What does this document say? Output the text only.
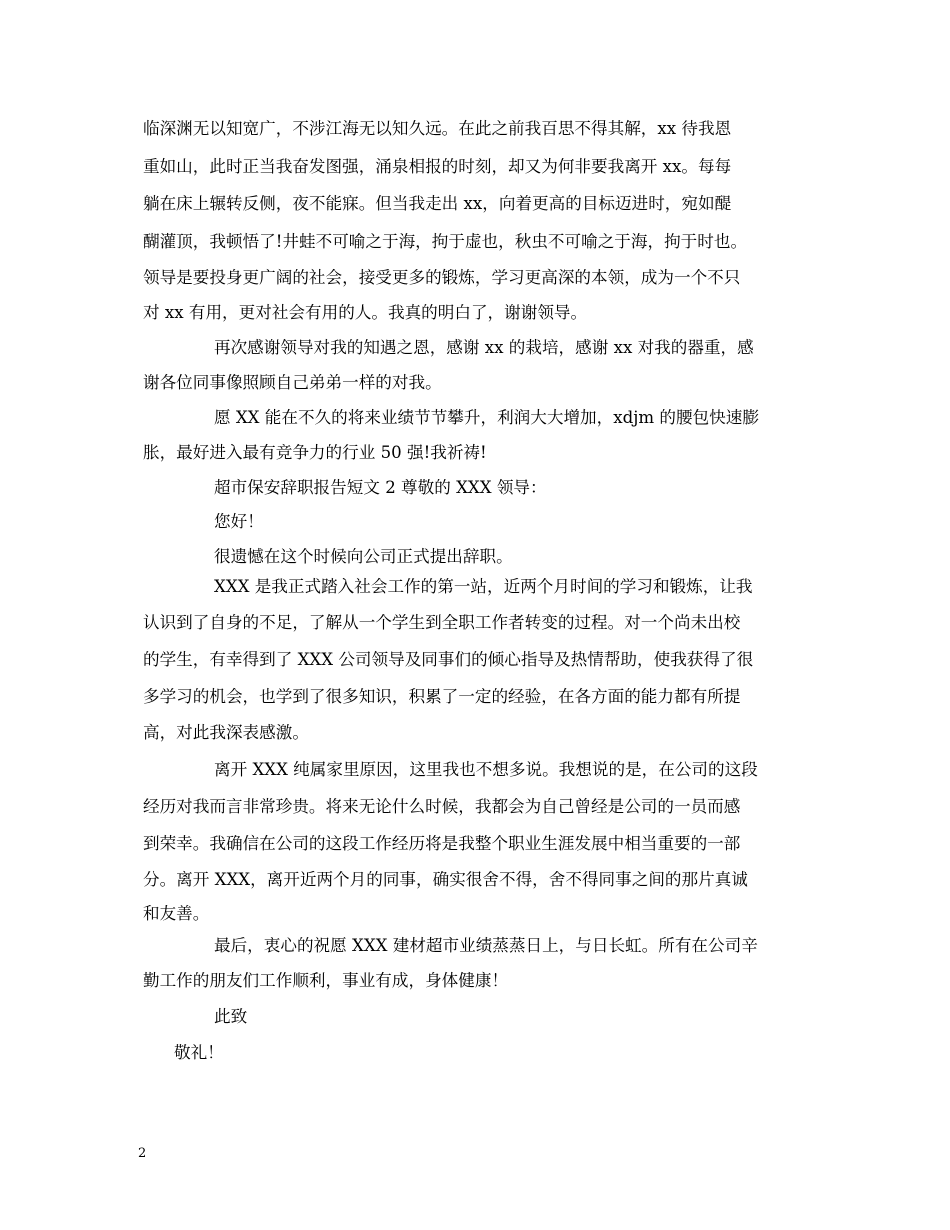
临深渊无以知宽广，不涉江海无以知久远。在此之前我百思不得其解，xx 待我恩
重如山，此时正当我奋发图强，涌泉相报的时刻，却又为何非要我离开 xx。每每
躺在床上辗转反侧，夜不能寐。但当我走出 xx，向着更高的目标迈进时，宛如醍
醐灌顶，我顿悟了!井蛙不可喻之于海，拘于虚也，秋虫不可喻之于海，拘于时也。
领导是要投身更广阔的社会，接受更多的锻炼，学习更高深的本领，成为一个不只
对 xx 有用，更对社会有用的人。我真的明白了，谢谢领导。
再次感谢领导对我的知遇之恩，感谢 xx 的栽培，感谢 xx 对我的器重，感
谢各位同事像照顾自己弟弟一样的对我。
愿 XX 能在不久的将来业绩节节攀升，利润大大增加，xdjm 的腰包快速膨
胀，最好进入最有竞争力的行业 50 强!我祈祷!
超市保安辞职报告短文 2 尊敬的 XXX 领导：
您好！
很遗憾在这个时候向公司正式提出辞职。
XXX 是我正式踏入社会工作的第一站，近两个月时间的学习和锻炼，让我
认识到了自身的不足，了解从一个学生到全职工作者转变的过程。对一个尚未出校
的学生，有幸得到了 XXX 公司领导及同事们的倾心指导及热情帮助，使我获得了很
多学习的机会，也学到了很多知识，积累了一定的经验，在各方面的能力都有所提
高，对此我深表感激。
离开 XXX 纯属家里原因，这里我也不想多说。我想说的是，在公司的这段
经历对我而言非常珍贵。将来无论什么时候，我都会为自己曾经是公司的一员而感
到荣幸。我确信在公司的这段工作经历将是我整个职业生涯发展中相当重要的一部
分。离开 XXX，离开近两个月的同事，确实很舍不得，舍不得同事之间的那片真诚
和友善。
最后，衷心的祝愿 XXX 建材超市业绩蒸蒸日上，与日长虹。所有在公司辛
勤工作的朋友们工作顺利，事业有成，身体健康！
此致
敬礼！
2
